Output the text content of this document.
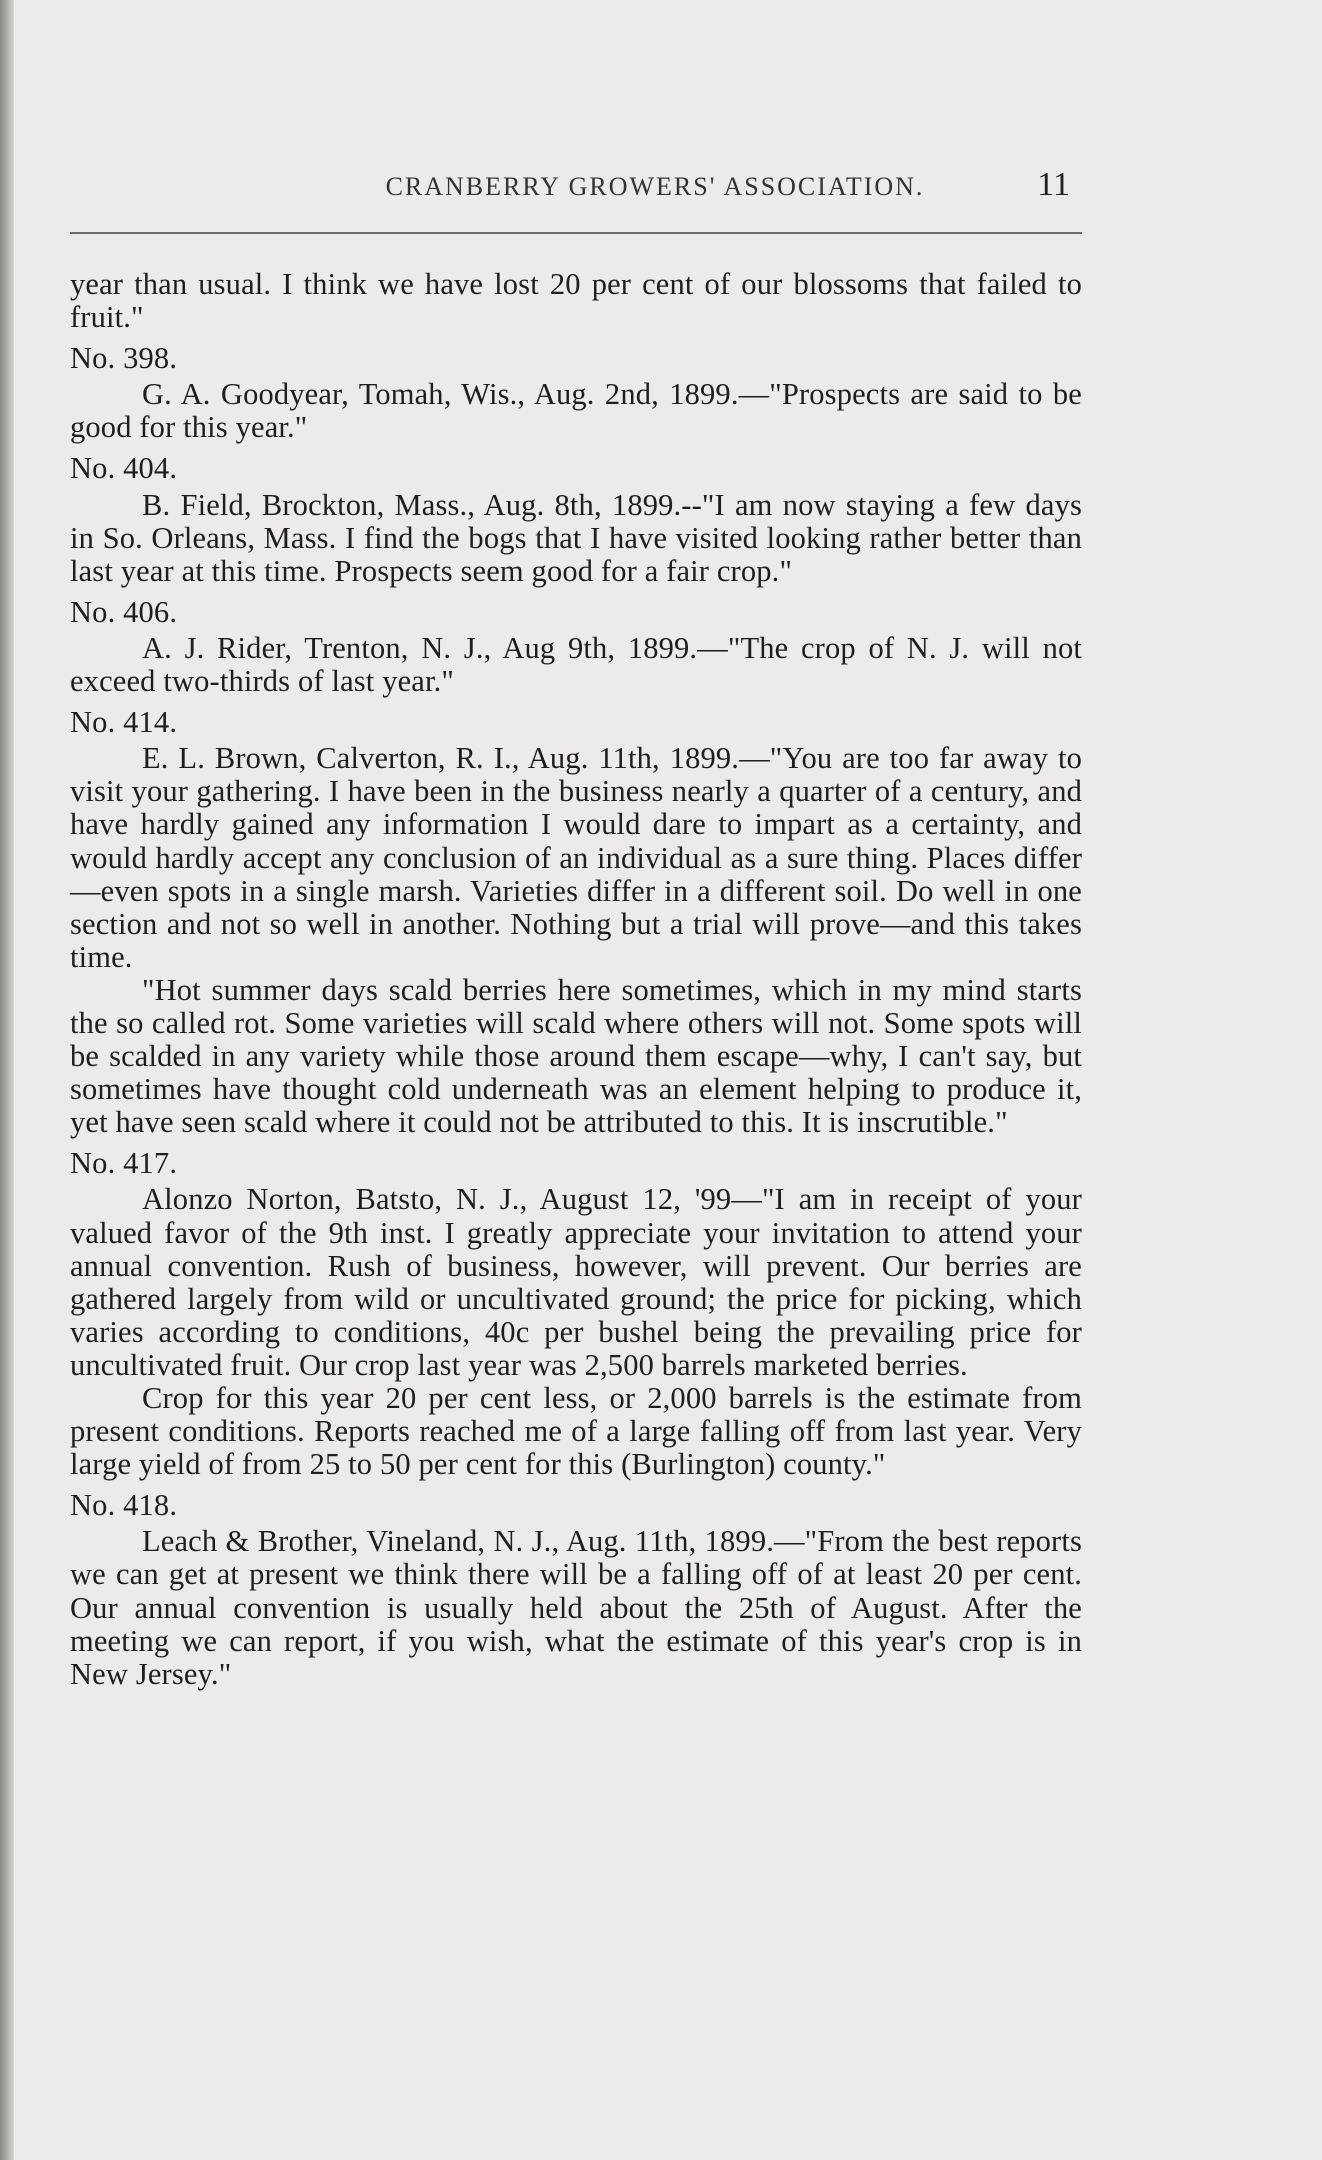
CRANBERRY GROWERS' ASSOCIATION.	11

year than usual. I think we have lost 20 per cent of our blossoms that failed to fruit."

No. 398.

G. A. Goodyear, Tomah, Wis., Aug. 2nd, 1899.—"Prospects are said to be good for this year."

No. 404.

B. Field, Brockton, Mass., Aug. 8th, 1899.--"I am now staying a few days in So. Orleans, Mass. I find the bogs that I have visited looking rather better than last year at this time. Prospects seem good for a fair crop."

No. 406.

A. J. Rider, Trenton, N. J., Aug 9th, 1899.—"The crop of N. J. will not exceed two-thirds of last year."

No. 414.

E. L. Brown, Calverton, R. I., Aug. 11th, 1899.—"You are too far away to visit your gathering. I have been in the business nearly a quarter of a century, and have hardly gained any information I would dare to impart as a certainty, and would hardly accept any conclusion of an individual as a sure thing. Places differ—even spots in a single marsh. Varieties differ in a different soil. Do well in one section and not so well in another. Nothing but a trial will prove—and this takes time.

"Hot summer days scald berries here sometimes, which in my mind starts the so called rot. Some varieties will scald where others will not. Some spots will be scalded in any variety while those around them escape—why, I can't say, but sometimes have thought cold underneath was an element helping to produce it, yet have seen scald where it could not be attributed to this. It is inscrutible."

No. 417.

Alonzo Norton, Batsto, N. J., August 12, '99—"I am in receipt of your valued favor of the 9th inst. I greatly appreciate your invitation to attend your annual convention. Rush of business, however, will prevent. Our berries are gathered largely from wild or uncultivated ground; the price for picking, which varies according to conditions, 40c per bushel being the prevailing price for uncultivated fruit. Our crop last year was 2,500 barrels marketed berries.

Crop for this year 20 per cent less, or 2,000 barrels is the estimate from present conditions. Reports reached me of a large falling off from last year. Very large yield of from 25 to 50 per cent for this (Burlington) county."

No. 418.

Leach & Brother, Vineland, N. J., Aug. 11th, 1899.—"From the best reports we can get at present we think there will be a falling off of at least 20 per cent. Our annual convention is usually held about the 25th of August. After the meeting we can report, if you wish, what the estimate of this year's crop is in New Jersey."
